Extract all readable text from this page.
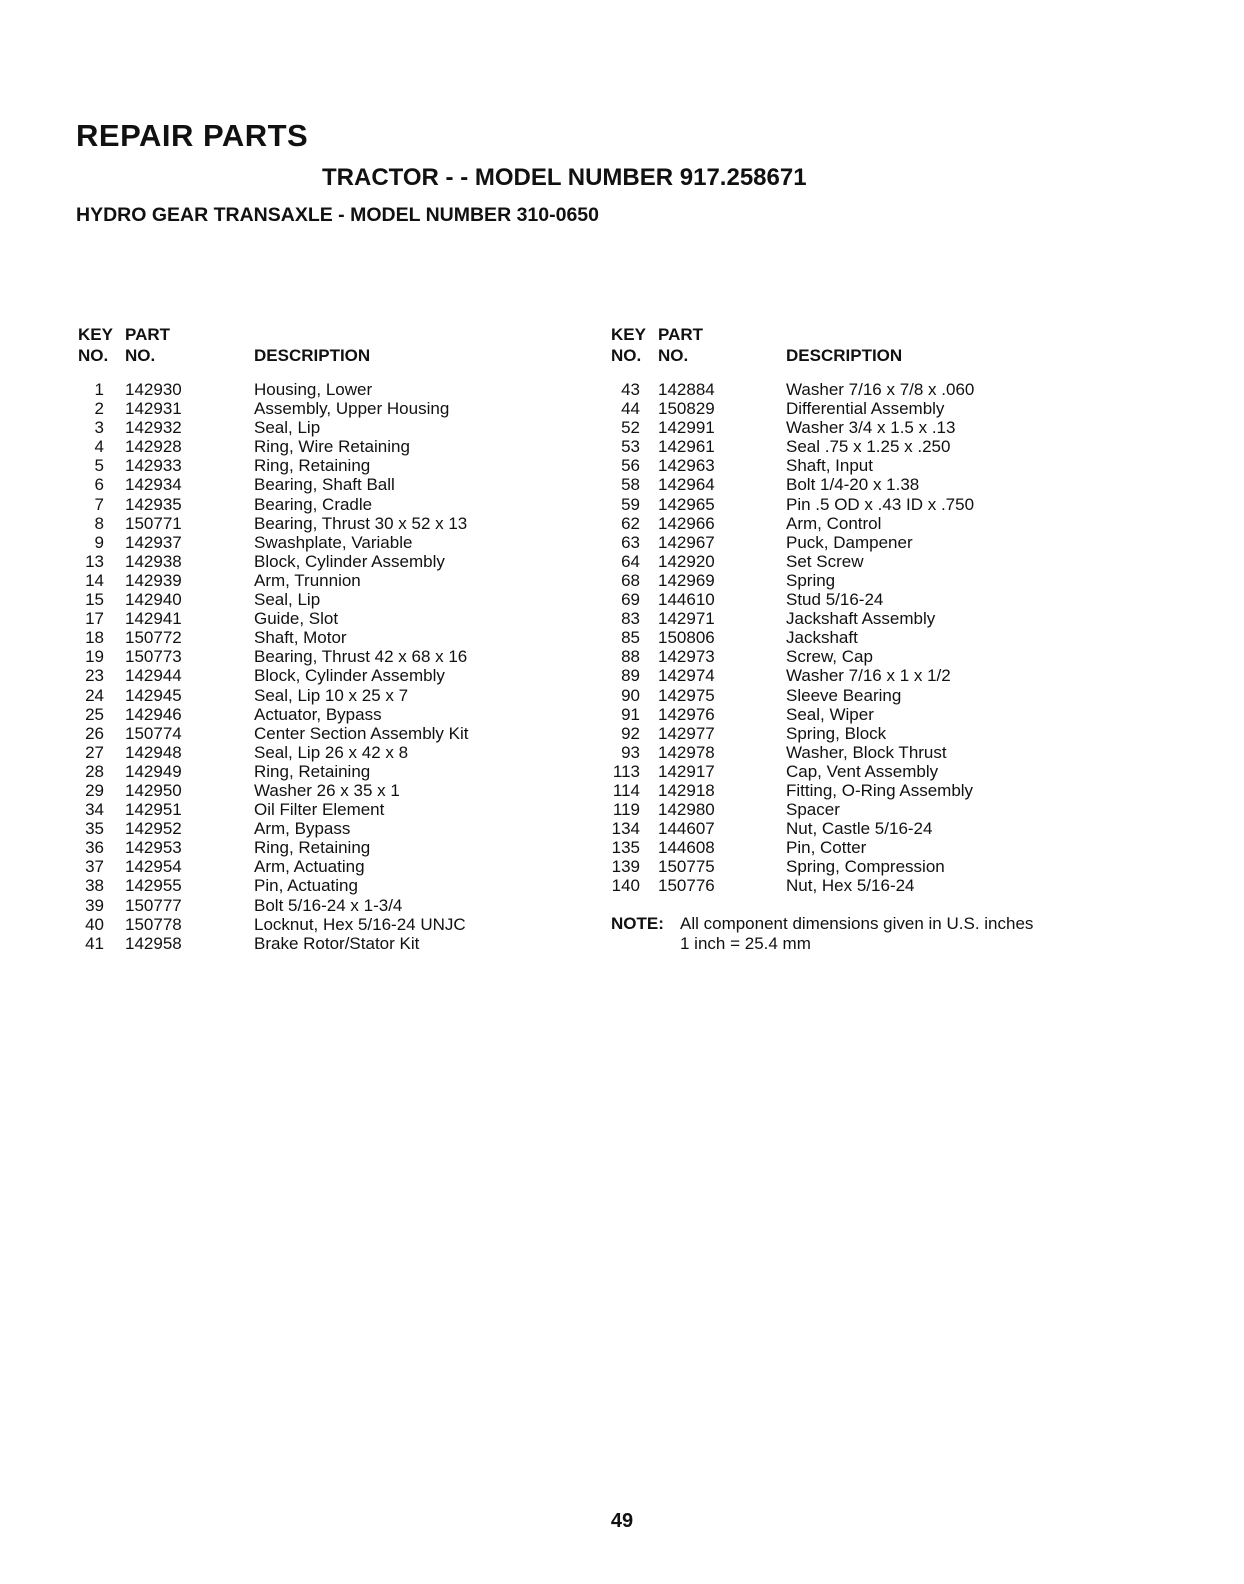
REPAIR PARTS
TRACTOR - - MODEL NUMBER 917.258671
HYDRO GEAR TRANSAXLE - MODEL NUMBER 310-0650
KEY
NO.
PART
NO.	DESCRIPTION
1 142930	Housing, Lower
2 142931	Assembly, Upper Housing
3 142932	Seal, Lip
4 142928	Ring, Wire Retaining
5 142933	Ring, Retaining
6 142934	Bearing, Shaft Ball
7 142935	Bearing, Cradle
8 150771	Bearing, Thrust 30 x 52 x 13
9 142937	Swashplate, Variable
13 142938	Block, Cylinder Assembly
14 142939	Arm, Trunnion
15 142940	Seal, Lip
17 142941	Guide, Slot
18 150772	Shaft, Motor
19 150773	Bearing, Thrust 42 x 68 x 16
23 142944	Block, Cylinder Assembly
24 142945	Seal, Lip 10 x 25 x 7
25 142946	Actuator, Bypass
26 150774	Center Section Assembly Kit
27 142948	Seal, Lip 26 x 42 x 8
28 142949	Ring, Retaining
29 142950	Washer 26 x 35 x 1
34 142951	Oil Filter Element
35 142952	Arm, Bypass
36 142953	Ring, Retaining
37 142954	Arm, Actuating
38 142955	Pin, Actuating
39 150777	Bolt 5/16-24 x 1-3/4
40 150778	Locknut, Hex 5/16-24 UNJC
41 142958	Brake Rotor/Stator Kit
KEY
NO.
PART
NO.	DESCRIPTION
43 142884	Washer 7/16 x 7/8 x .060
44 150829	Differential Assembly
52 142991	Washer 3/4 x 1.5 x .13
53 142961	Seal .75 x 1.25 x .250
56 142963	Shaft, Input
58 142964	Bolt 1/4-20 x 1.38
59 142965	Pin .5 OD x .43 ID x .750
62 142966	Arm, Control
63 142967	Puck, Dampener
64 142920	Set Screw
68 142969	Spring
69 144610	Stud 5/16-24
83 142971	Jackshaft Assembly
85 150806	Jackshaft
88 142973	Screw, Cap
89 142974	Washer 7/16 x 1 x 1/2
90 142975	Sleeve Bearing
91 142976	Seal, Wiper
92 142977	Spring, Block
93 142978	Washer, Block Thrust
113 142917	Cap, Vent Assembly
114 142918	Fitting, O-Ring Assembly
119 142980	Spacer
134 144607	Nut, Castle 5/16-24
135 144608	Pin, Cotter
139 150775	Spring, Compression
140 150776	Nut, Hex 5/16-24
NOTE: All component dimensions given in U.S. inches
1 inch = 25.4 mm
49
